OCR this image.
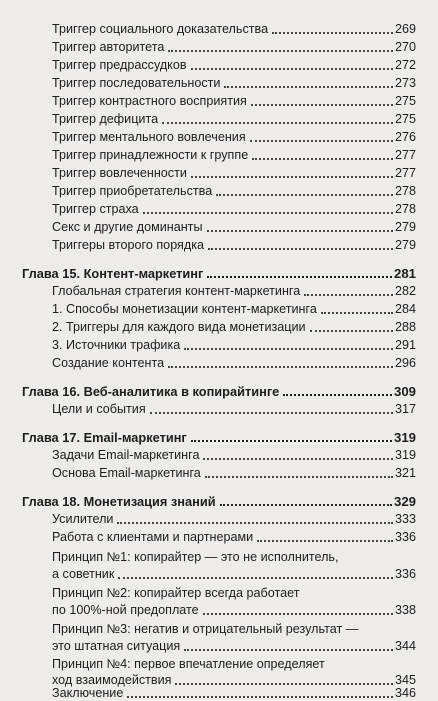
Триггер социального доказательства	269
Триггер авторитета	270
Триггер предрассудков	272
Триггер последовательности	273
Триггер контрастного восприятия	275
Триггер дефицита	275
Триггер ментального вовлечения	276
Триггер принадлежности к группе	277
Триггер вовлеченности	277
Триггер приобретательства	278
Триггер страха	278
Секс и другие доминанты	279
Триггеры второго порядка	279
Глава 15. Контент-маркетинг	281
Глобальная стратегия контент-маркетинга	282
1. Способы монетизации контент-маркетинга	284
2. Триггеры для каждого вида монетизации	288
3. Источники трафика	291
Создание контента	296
Глава 16. Веб-аналитика в копирайтинге	309
Цели и события	317
Глава 17. Email-маркетинг	319
Задачи Email-маркетинга	319
Основа Email-маркетинга	321
Глава 18. Монетизация знаний	329
Усилители	333
Работа с клиентами и партнерами	336
Принцип №1: копирайтер — это не исполнитель,
а советник	336
Принцип №2: копирайтер всегда работает
по 100%-ной предоплате	338
Принцип №3: негатив и отрицательный результат —
это штатная ситуация	344
Принцип №4: первое впечатление определяет
ход взаимодействия	345
Заключение	346
